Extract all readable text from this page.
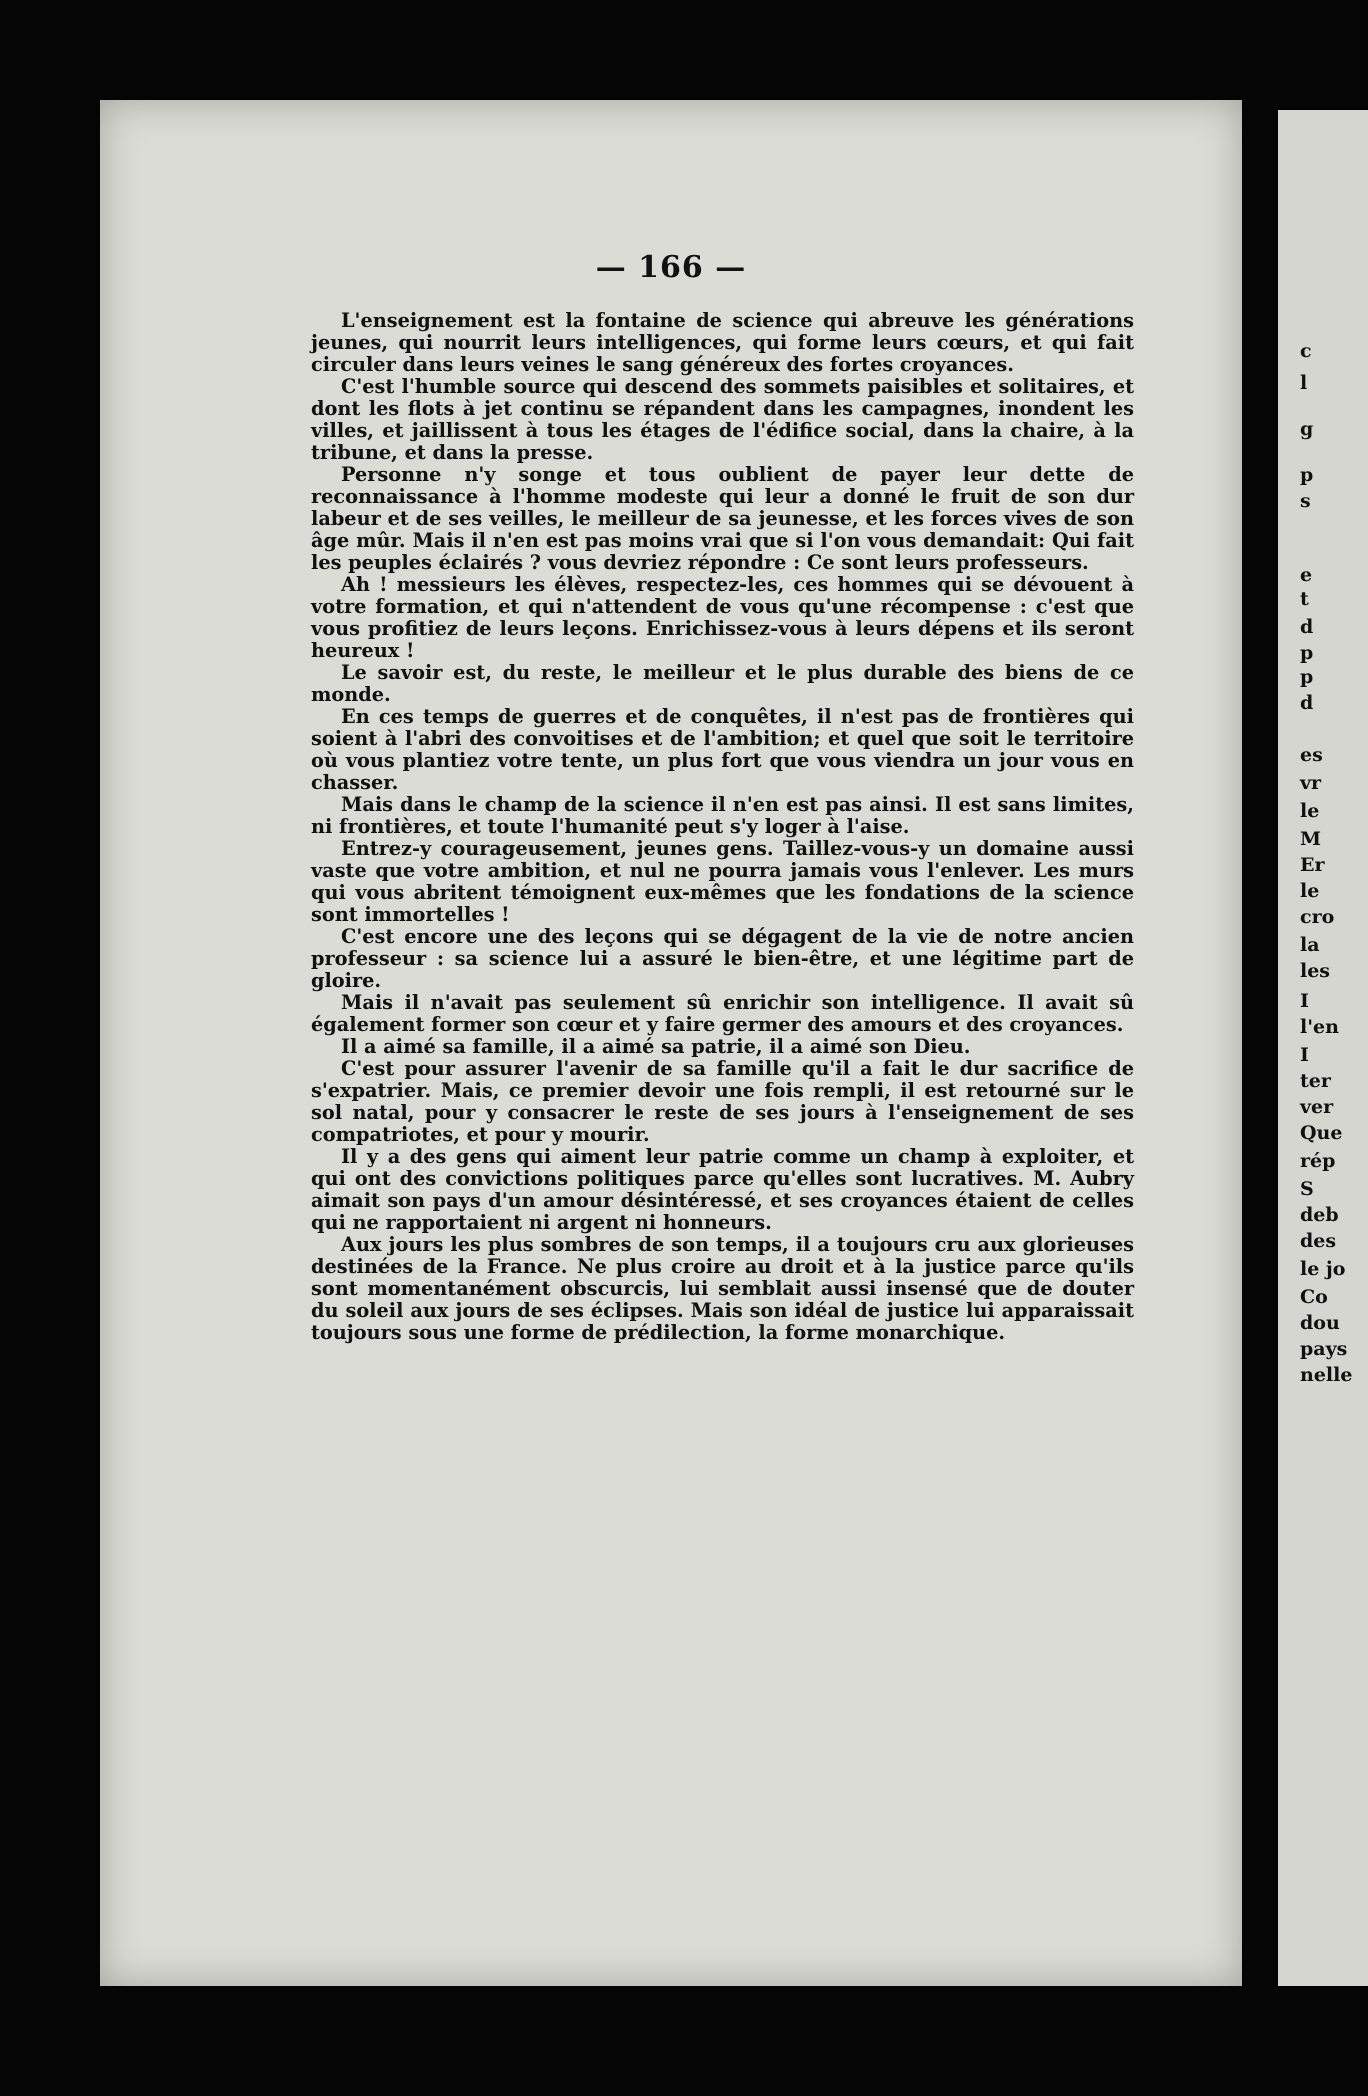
— 166 —

L'enseignement est la fontaine de science qui abreuve les générations jeunes, qui nourrit leurs intelligences, qui forme leurs cœurs, et qui fait circuler dans leurs veines le sang généreux des fortes croyances.

C'est l'humble source qui descend des sommets paisibles et solitaires, et dont les flots à jet continu se répandent dans les campagnes, inondent les villes, et jaillissent à tous les étages de l'édifice social, dans la chaire, à la tribune, et dans la presse.

Personne n'y songe et tous oublient de payer leur dette de reconnaissance à l'homme modeste qui leur a donné le fruit de son dur labeur et de ses veilles, le meilleur de sa jeunesse, et les forces vives de son âge mûr. Mais il n'en est pas moins vrai que si l'on vous demandait: Qui fait les peuples éclairés ? vous devriez répondre : Ce sont leurs professeurs.

Ah ! messieurs les élèves, respectez-les, ces hommes qui se dévouent à votre formation, et qui n'attendent de vous qu'une récompense : c'est que vous profitiez de leurs leçons. Enrichissez-vous à leurs dépens et ils seront heureux !

Le savoir est, du reste, le meilleur et le plus durable des biens de ce monde.

En ces temps de guerres et de conquêtes, il n'est pas de frontières qui soient à l'abri des convoitises et de l'ambition; et quel que soit le territoire où vous plantiez votre tente, un plus fort que vous viendra un jour vous en chasser.

Mais dans le champ de la science il n'en est pas ainsi. Il est sans limites, ni frontières, et toute l'humanité peut s'y loger à l'aise.

Entrez-y courageusement, jeunes gens. Taillez-vous-y un domaine aussi vaste que votre ambition, et nul ne pourra jamais vous l'enlever. Les murs qui vous abritent témoignent eux-mêmes que les fondations de la science sont immortelles !

C'est encore une des leçons qui se dégagent de la vie de notre ancien professeur : sa science lui a assuré le bien-être, et une légitime part de gloire.

Mais il n'avait pas seulement sû enrichir son intelligence. Il avait sû également former son cœur et y faire germer des amours et des croyances.

Il a aimé sa famille, il a aimé sa patrie, il a aimé son Dieu.

C'est pour assurer l'avenir de sa famille qu'il a fait le dur sacrifice de s'expatrier. Mais, ce premier devoir une fois rempli, il est retourné sur le sol natal, pour y consacrer le reste de ses jours à l'enseignement de ses compatriotes, et pour y mourir.

Il y a des gens qui aiment leur patrie comme un champ à exploiter, et qui ont des convictions politiques parce qu'elles sont lucratives. M. Aubry aimait son pays d'un amour désintéressé, et ses croyances étaient de celles qui ne rapportaient ni argent ni honneurs.

Aux jours les plus sombres de son temps, il a toujours cru aux glorieuses destinées de la France. Ne plus croire au droit et à la justice parce qu'ils sont momentanément obscurcis, lui semblait aussi insensé que de douter du soleil aux jours de ses éclipses. Mais son idéal de justice lui apparaissait toujours sous une forme de prédilection, la forme monarchique.

c
l
g
p
s
e
t
d
p
p
d
es
vr
le
M
Er
le
cro
la
les
I
l'en
I
ter
ver
Que
rép
S
deb
des
le jo
Co
dou
pays
nelle
